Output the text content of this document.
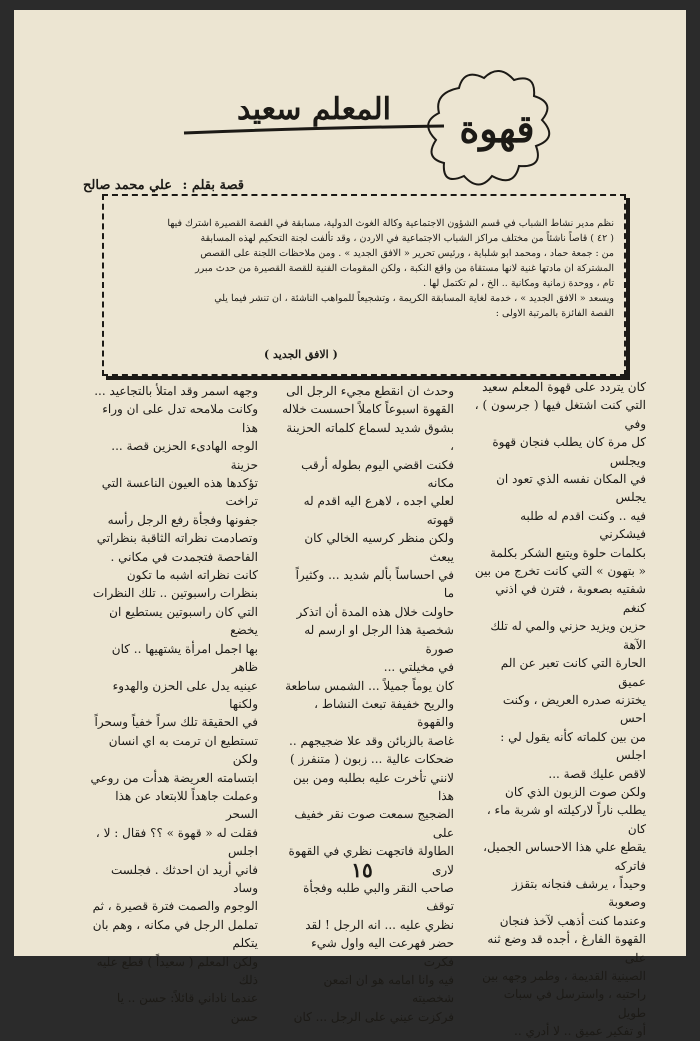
المعلم سعيد	قهوة
قصة بقلم : علي محمد صالح

نظم مدير نشاط الشباب في قسم الشؤون الاجتماعية وكالة الغوث الدولية، مسابقة في القصة القصيرة اشترك فيها

( ٤٢ ) قاصاً ناشئاً من مختلف مراكز الشباب الاجتماعية في الاردن ، وقد تألفت لجنة التحكيم لهذه المسابقة

من : جمعة حماد ، ومحمد ابو شلباية ، ورئيس تحرير « الافق الجديد » . ومن ملاحظات اللجنة على القصص

المشتركة ان مادتها غنية لانها مستقاة من واقع النكبة ، ولكن المقومات الفنية للقصة القصيرة من حدث مبرر

تام ، ووحدة زمانية ومكانية .. الخ ، لم تكتمل لها .

ويسعد « الافق الجديد » ، خدمة لغاية المسابقة الكريمة ، وتشجيعاً للمواهب الناشئة ، ان تنشر فيما يلي

القصة الفائزة بالمرتبة الاولى :

( الافق الجديد )

كان يتردد على قهوة المعلم سعيد

التي كنت اشتغل فيها ( جرسون ) ، وفي

كل مرة كان يطلب فنجان قهوة ويجلس

في المكان نفسه الذي تعود ان يجلس

فيه .. وكنت اقدم له طلبه فيشكرني

بكلمات حلوة ويتبع الشكر بكلمة

« بتهون » التي كانت تخرج من بين

شفتيه بصعوبة ، فترن في اذني كنغم

حزين ويزيد حزني والمي له تلك الآهة

الحارة التي كانت تعبر عن الم عميق

يختزنه صدره العريض ، وكنت احس

من بين كلماته كأنه يقول لي : اجلس

لاقص عليك قصة ...

ولكن صوت الزبون الذي كان

يطلب ناراً لاركيلته او شربة ماء ، كان

يقطع علي هذا الاحساس الجميل، فاتركه

وحيداً ، يرشف فنجانه بتقزز وصعوبة

وعندما كنت أذهب لآخذ فنجان

القهوة الفارغ ، أجده قد وضع ثنه على

الصينية القديمة ، وطمر وجهه بين

راحتيه ، واسترسل في سبات طويل

أو تفكير عميق .. لا أدري ..

وحدث ان انقطع مجيء الرجل الى

القهوة اسبوعاً كاملاً احسست خلاله

بشوق شديد لسماع كلماته الحزينة ،

فكنت اقضي اليوم بطوله أرقب مكانه

لعلي اجده ، لاهرع اليه اقدم له قهوته

ولكن منظر كرسيه الخالي كان يبعث

في احساساً بألم شديد ... وكثيراً ما

حاولت خلال هذه المدة أن اتذكر

شخصية هذا الرجل او ارسم له صورة

في مخيلتي ...

كان يوماً جميلاً ... الشمس ساطعة

والريح خفيفة تبعث النشاط ، والقهوة

غاصة بالزبائن وقد علا ضجيجهم ..

ضحكات عالية ... زبون ( متنفرز )

لانني تأخرت عليه بطلبه ومن بين هذا

الضجيج سمعت صوت نقر خفيف على

الطاولة فاتجهت نظري في القهوة لارى

صاحب النقر والبي طلبه وفجأة توقف

نظري عليه ... انه الرجل ! لقد

حضر فهرعت اليه واول شيء فكرت

فيه وانا امامه هو ان اتمعن شخصيته

فركزت عيني على الرجل ... كان

وجهه اسمر وقد امتلأ بالتجاعيد ...

وكانت ملامحه تدل على ان وراء هذا

الوجه الهادىء الحزين قصة ... حزينة

تؤكدها هذه العيون الناعسة التي تراخت

جفونها وفجأة رفع الرجل رأسه

وتصادمت نظراته الثاقبة بنظراتي

الفاحصة فتجمدت في مكاني .

كانت نظراته اشبه ما تكون

بنظرات راسبوتين .. تلك النظرات

التي كان راسبوتين يستطيع ان يخضع

بها اجمل امرأة يشتهيها .. كان ظاهر

عينيه يدل على الحزن والهدوء ولكنها

في الحقيقة تلك سراً خفياً وسحراً

تستطيع ان ترمت به اي انسان ولكن

ابتسامته العريضة هدأت من روعي

وعملت جاهداً للابتعاد عن هذا السحر

فقلت له « قهوة » ؟؟ فقال : لا ، اجلس

فاني أريد ان احدثك . فجلست وساد

الوجوم والصمت فترة قصيرة ، ثم

تململ الرجل في مكانه ، وهم بان يتكلم

ولكن المعلم ( سعيداً ) قطع عليه ذلك

عندما ناداني قائلاً: حسن .. يا حسن

١٥
